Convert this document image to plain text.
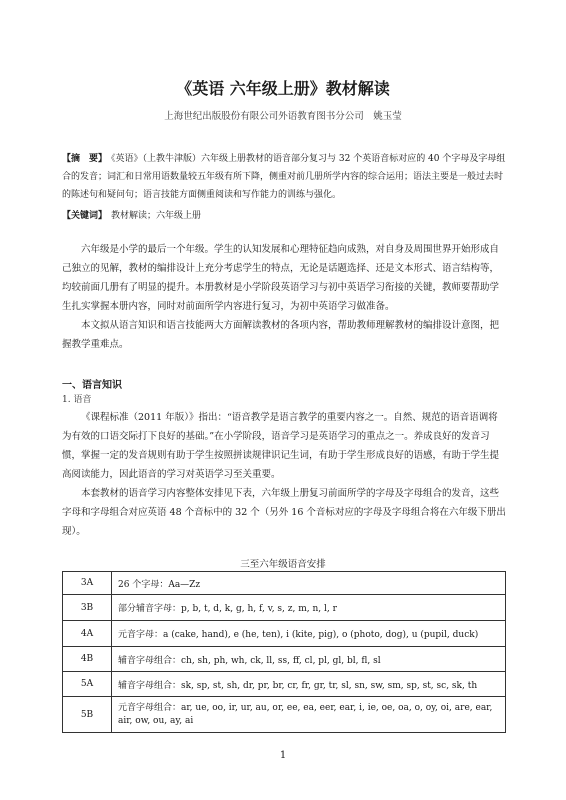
《英语 六年级上册》教材解读
上海世纪出版股份有限公司外语教育图书分公司　姚玉莹
【摘　要】 《英语》（上教牛津版）六年级上册教材的语音部分复习与 32 个英语音标对应的 40 个字母及字母组合的发音；词汇和日常用语数量较五年级有所下降，侧重对前几册所学内容的综合运用；语法主要是一般过去时的陈述句和疑问句；语言技能方面侧重阅读和写作能力的训练与强化。
【关键词】 教材解读；六年级上册
六年级是小学的最后一个年级。学生的认知发展和心理特征趋向成熟，对自身及周围世界开始形成自己独立的见解，教材的编排设计上充分考虑学生的特点，无论是话题选择、还是文本形式、语言结构等，均较前面几册有了明显的提升。本册教材是小学阶段英语学习与初中英语学习衔接的关键，教师要帮助学生扎实掌握本册内容，同时对前面所学内容进行复习，为初中英语学习做准备。
本文拟从语言知识和语言技能两大方面解读教材的各项内容，帮助教师理解教材的编排设计意图，把握教学重难点。
一、语言知识
1. 语音
《课程标准（2011 年版）》指出：“语音教学是语言教学的重要内容之一。自然、规范的语音语调将为有效的口语交际打下良好的基础。”在小学阶段，语音学习是英语学习的重点之一。养成良好的发音习惯，掌握一定的发音规则有助于学生按照拼读规律识记生词，有助于学生形成良好的语感，有助于学生提高阅读能力，因此语音的学习对英语学习至关重要。
本套教材的语音学习内容整体安排见下表，六年级上册复习前面所学的字母及字母组合的发音，这些字母和字母组合对应英语 48 个音标中的 32 个（另外 16 个音标对应的字母及字母组合将在六年级下册出现）。
三至六年级语音安排
3A	26 个字母：Aa—Zz
3B	部分辅音字母：p, b, t, d, k, g, h, f, v, s, z, m, n, l, r
4A	元音字母：a (cake, hand), e (he, ten), i (kite, pig), o (photo, dog), u (pupil, duck)
4B	辅音字母组合：ch, sh, ph, wh, ck, ll, ss, ff, cl, pl, gl, bl, fl, sl
5A	辅音字母组合：sk, sp, st, sh, dr, pr, br, cr, fr, gr, tr, sl, sn, sw, sm, sp, st, sc, sk, th
5B	元音字母组合：ar, ue, oo, ir, ur, au, or, ee, ea, eer, ear, i, ie, oe, oa, o, oy, oi, are, ear, air, ow, ou, ay, ai
1
